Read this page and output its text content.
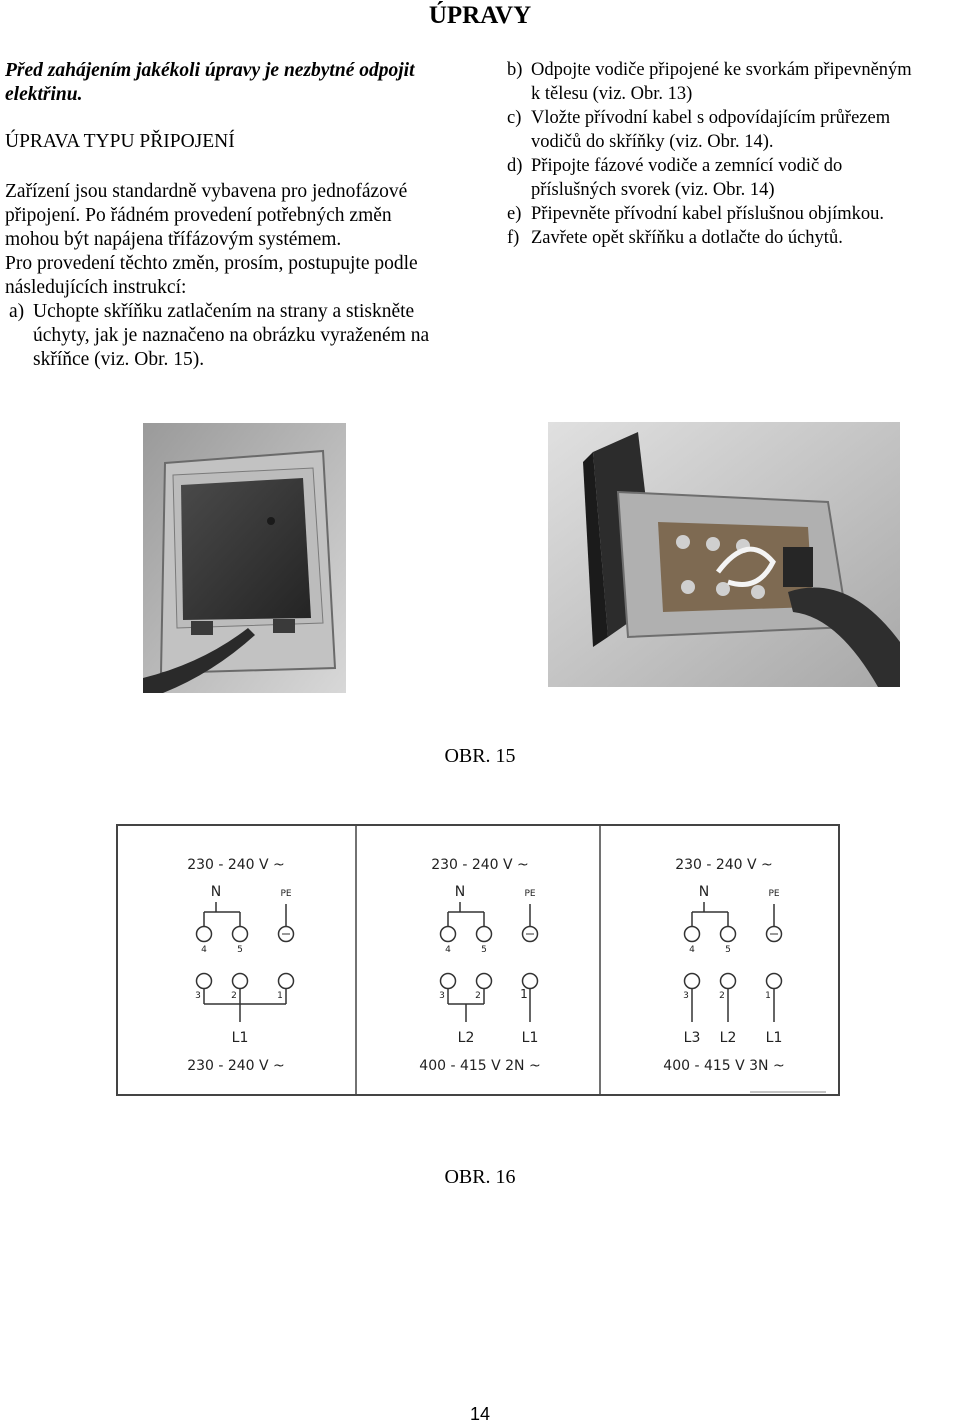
ÚPRAVY
Před zahájením jakékoli úpravy je nezbytné odpojit elektřinu.
ÚPRAVA TYPU PŘIPOJENÍ
Zařízení jsou standardně vybavena pro jednofázové
připojení. Po řádném provedení potřebných změn
mohou být napájena třífázovým systémem.
Pro provedení těchto změn, prosím, postupujte podle
následujících instrukcí:
a) Uchopte skříňku zatlačením na strany a stiskněte
úchyty, jak je naznačeno na obrázku vyraženém na
skříňce (viz. Obr. 15).
b) Odpojte vodiče připojené ke svorkám připevněným
k tělesu (viz. Obr. 13)
c) Vložte přívodní kabel s odpovídajícím průřezem
vodičů do skříňky (viz. Obr. 14).
d) Připojte fázové vodiče a zemnící vodič do
příslušných svorek (viz. Obr. 14)
e) Připevněte přívodní kabel příslušnou objímkou.
f) Zavřete opět skříňku a dotlačte do úchytů.
OBR. 15
230 - 240 V ~
N	PE
4	5
3	2	1
L1
230 - 240 V ~
230 - 240 V ~
N	PE
4	5
3	2	1
L2	L1
400 - 415 V 2N ~
230 - 240 V ~
N	PE
4	5
3	2	1
L3 L2 L1
400 - 415 V 3N ~
OBR. 16
14
